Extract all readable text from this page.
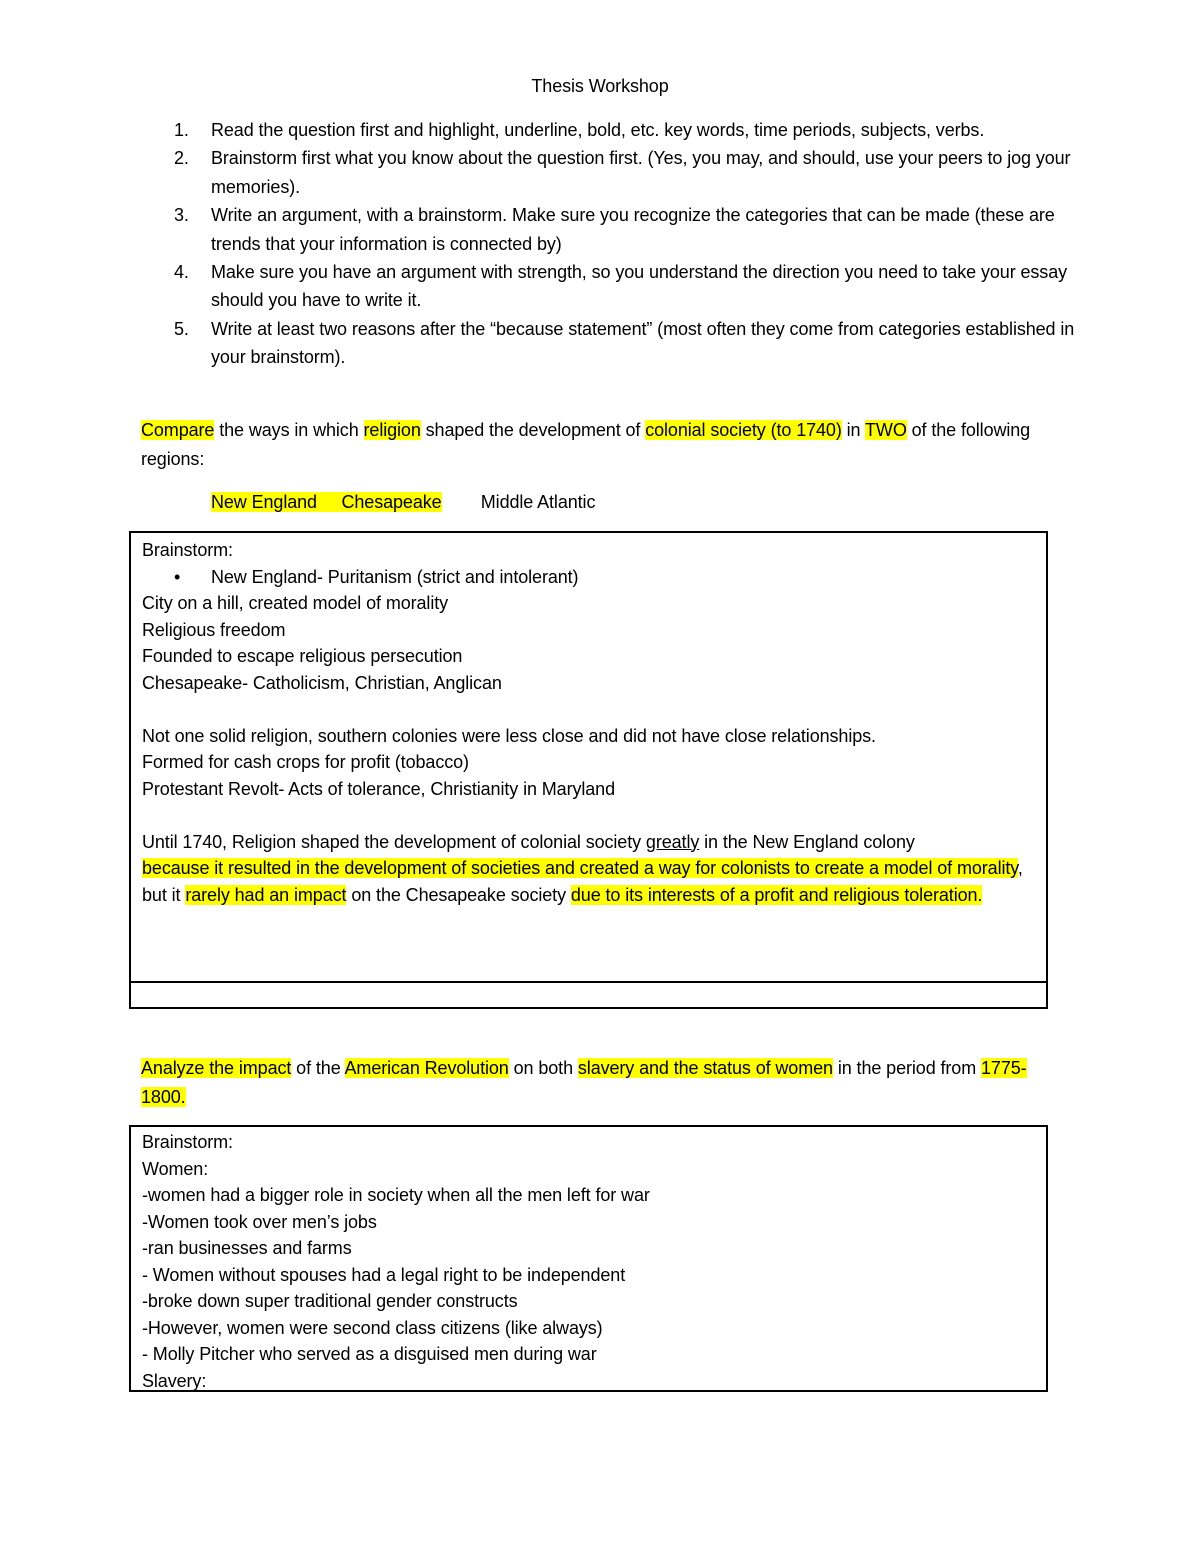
Thesis Workshop
1. Read the question first and highlight, underline, bold, etc. key words, time periods, subjects, verbs.
2. Brainstorm first what you know about the question first. (Yes, you may, and should, use your peers to jog your memories).
3. Write an argument, with a brainstorm. Make sure you recognize the categories that can be made (these are trends that your information is connected by)
4. Make sure you have an argument with strength, so you understand the direction you need to take your essay should you have to write it.
5. Write at least two reasons after the “because statement” (most often they come from categories established in your brainstorm).
Compare the ways in which religion shaped the development of colonial society (to 1740) in TWO of the following regions:
New England Chesapeake Middle Atlantic
Brainstorm:
• New England- Puritanism (strict and intolerant)
City on a hill, created model of morality
Religious freedom
Founded to escape religious persecution
Chesapeake- Catholicism, Christian, Anglican
Not one solid religion, southern colonies were less close and did not have close relationships.
Formed for cash crops for profit (tobacco)
Protestant Revolt- Acts of tolerance, Christianity in Maryland
Until 1740, Religion shaped the development of colonial society greatly in the New England colony
because it resulted in the development of societies and created a way for colonists to create a model of morality, but it rarely had an impact on the Chesapeake society due to its interests of a profit and religious toleration.
Analyze the impact of the American Revolution on both slavery and the status of women in the period from 1775-1800.
Brainstorm:
Women:
-women had a bigger role in society when all the men left for war
-Women took over men’s jobs
-ran businesses and farms
- Women without spouses had a legal right to be independent
-broke down super traditional gender constructs
-However, women were second class citizens (like always)
- Molly Pitcher who served as a disguised men during war
Slavery:
